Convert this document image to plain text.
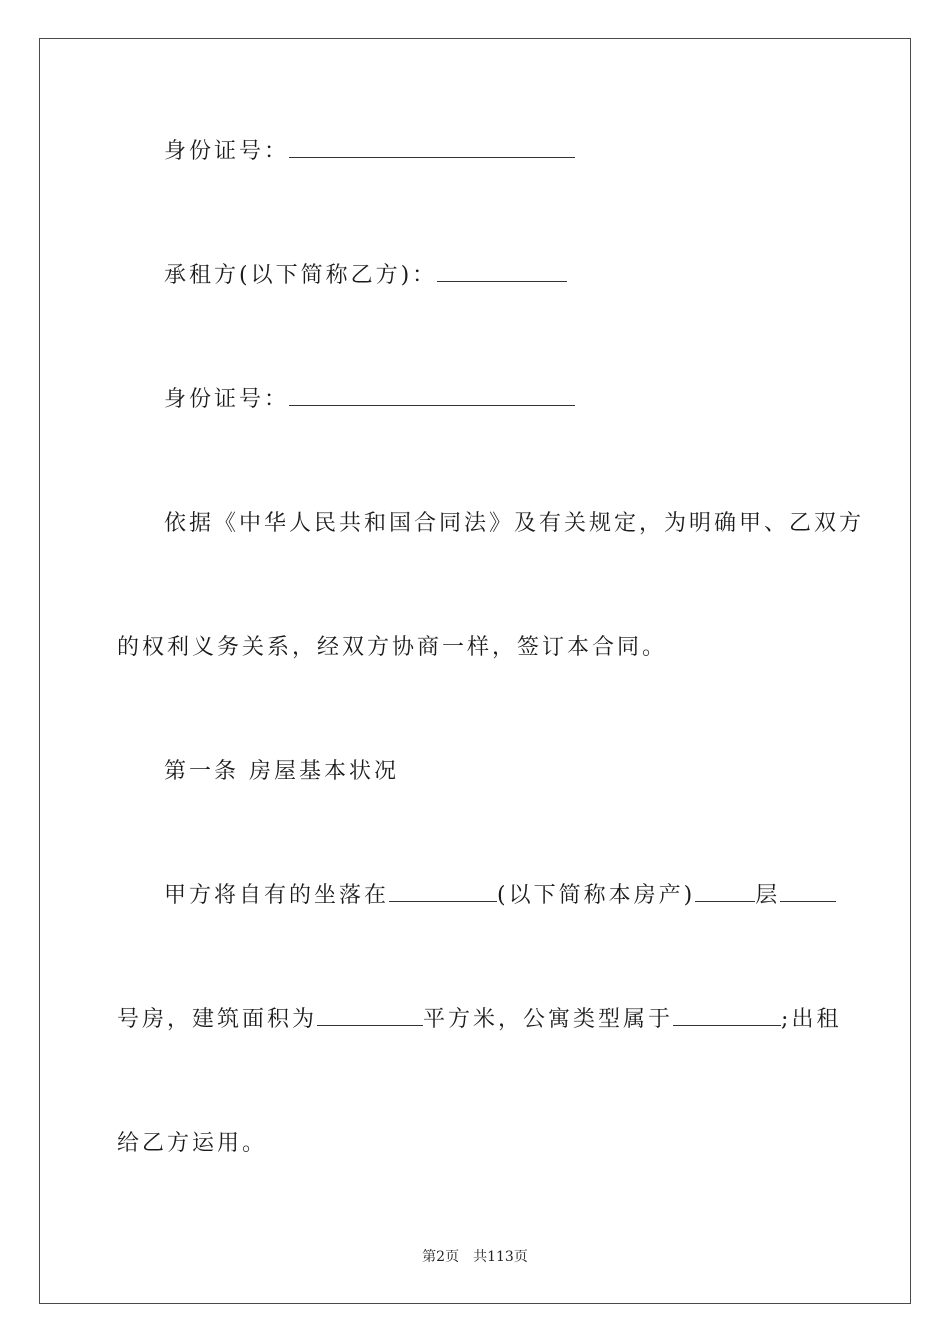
身份证号：
承租方(以下简称乙方)：
身份证号：
依据《中华人民共和国合同法》及有关规定，为明确甲、乙双方
的权利义务关系，经双方协商一样，签订本合同。
第一条 房屋基本状况
甲方将自有的坐落在	(以下简称本房产)	层
号房，建筑面积为	平方米，公寓类型属于	;出租
给乙方运用。
第2页 共113页
